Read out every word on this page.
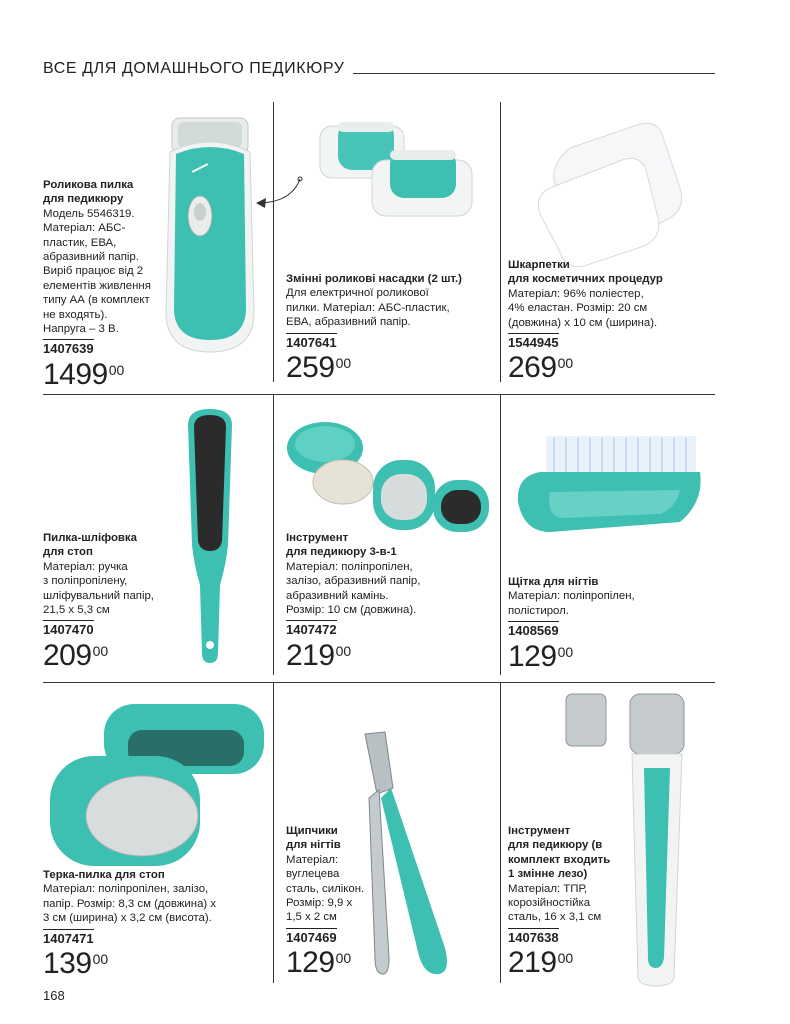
ВСЕ ДЛЯ ДОМАШНЬОГО ПЕДИКЮРУ
Роликова пилка
для педикюру
Модель 5546319.
Матеріал: АБС-
пластик, ЕВА,
абразивний папір.
Виріб працює від 2
елементів живлення
типу АА (в комплект
не входять).
Напруга – 3 В.
1407639
1499 00
Змінні роликові насадки (2 шт.)
Для електричної роликової
пилки. Матеріал: АБС-пластик,
ЕВА, абразивний папір.
1407641
259 00
Шкарпетки
для косметичних процедур
Матеріал: 96% поліестер,
4% еластан. Розмір: 20 см
(довжина) х 10 см (ширина).
1544945
269 00
Пилка-шліфовка
для стоп
Матеріал: ручка
з поліпропілену,
шліфувальний папір,
21,5 х 5,3 см
1407470
209 00
Інструмент
для педикюру 3-в-1
Матеріал: поліпропілен,
залізо, абразивний папір,
абразивний камінь.
Розмір: 10 см (довжина).
1407472
219 00
Щітка для нігтів
Матеріал: поліпропілен,
полістирол.
1408569
129 00
Терка-пилка для стоп
Матеріал: поліпропілен, залізо,
папір. Розмір: 8,3 см (довжина) х
3 см (ширина) х 3,2 см (висота).
1407471
139 00
Щипчики
для нігтів
Матеріал:
вуглецева
сталь, силікон.
Розмір: 9,9 х
1,5 х 2 см
1407469
129 00
Інструмент
для педикюру (в
комплект входить
1 змінне лезо)
Матеріал: ТПР,
корозійностійка
сталь, 16 х 3,1 см
1407638
219 00
168
